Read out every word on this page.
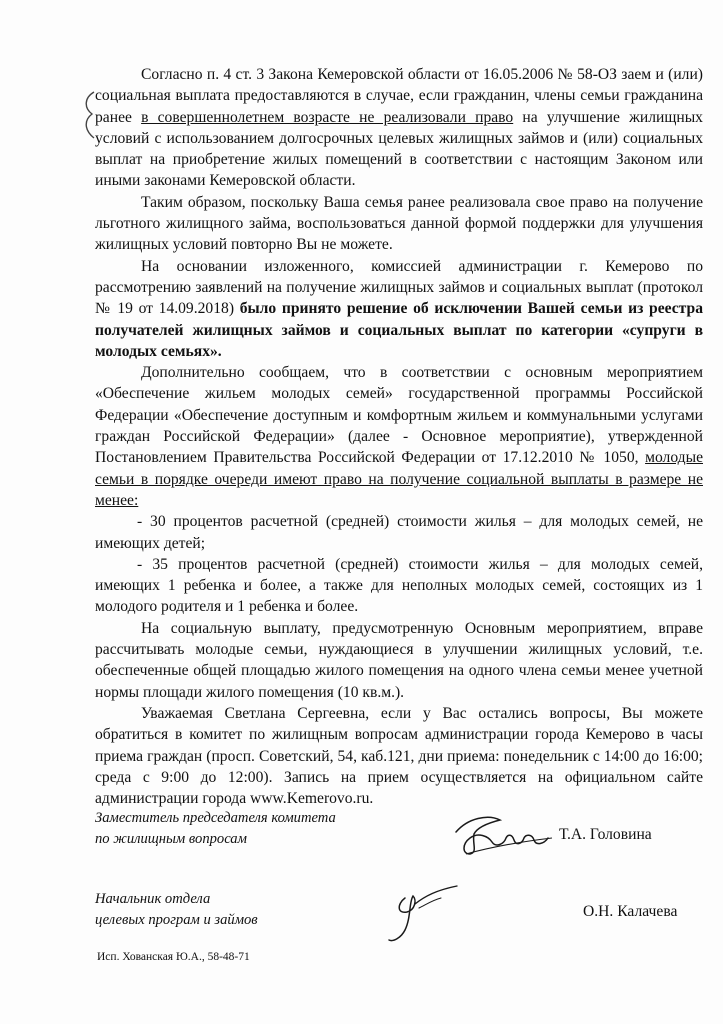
Согласно п. 4 ст. 3 Закона Кемеровской области от 16.05.2006 № 58-ОЗ заем и (или) социальная выплата предоставляются в случае, если гражданин, члены семьи гражданина ранее в совершеннолетнем возрасте не реализовали право на улучшение жилищных условий с использованием долгосрочных целевых жилищных займов и (или) социальных выплат на приобретение жилых помещений в соответствии с настоящим Законом или иными законами Кемеровской области.

Таким образом, поскольку Ваша семья ранее реализовала свое право на получение льготного жилищного займа, воспользоваться данной формой поддержки для улучшения жилищных условий повторно Вы не можете.

На основании изложенного, комиссией администрации г. Кемерово по рассмотрению заявлений на получение жилищных займов и социальных выплат (протокол № 19 от 14.09.2018) было принято решение об исключении Вашей семьи из реестра получателей жилищных займов и социальных выплат по категории «супруги в молодых семьях».

Дополнительно сообщаем, что в соответствии с основным мероприятием «Обеспечение жильем молодых семей» государственной программы Российской Федерации «Обеспечение доступным и комфортным жильем и коммунальными услугами граждан Российской Федерации» (далее - Основное мероприятие), утвержденной Постановлением Правительства Российской Федерации от 17.12.2010 № 1050, молодые семьи в порядке очереди имеют право на получение социальной выплаты в размере не менее:

- 30 процентов расчетной (средней) стоимости жилья – для молодых семей, не имеющих детей;

- 35 процентов расчетной (средней) стоимости жилья – для молодых семей, имеющих 1 ребенка и более, а также для неполных молодых семей, состоящих из 1 молодого родителя и 1 ребенка и более.

На социальную выплату, предусмотренную Основным мероприятием, вправе рассчитывать молодые семьи, нуждающиеся в улучшении жилищных условий, т.е. обеспеченные общей площадью жилого помещения на одного члена семьи менее учетной нормы площади жилого помещения (10 кв.м.).

Уважаемая Светлана Сергеевна, если у Вас остались вопросы, Вы можете обратиться в комитет по жилищным вопросам администрации города Кемерово в часы приема граждан (просп. Советский, 54, каб.121, дни приема: понедельник с 14:00 до 16:00; среда с 9:00 до 12:00). Запись на прием осуществляется на официальном сайте администрации города www.Kemerovo.ru.

Заместитель председателя комитета
по жилищным вопросам	Т.А. Головина
Начальник отдела
целевых програм и займов	О.Н. Калачева
Исп. Хованская Ю.А., 58-48-71
